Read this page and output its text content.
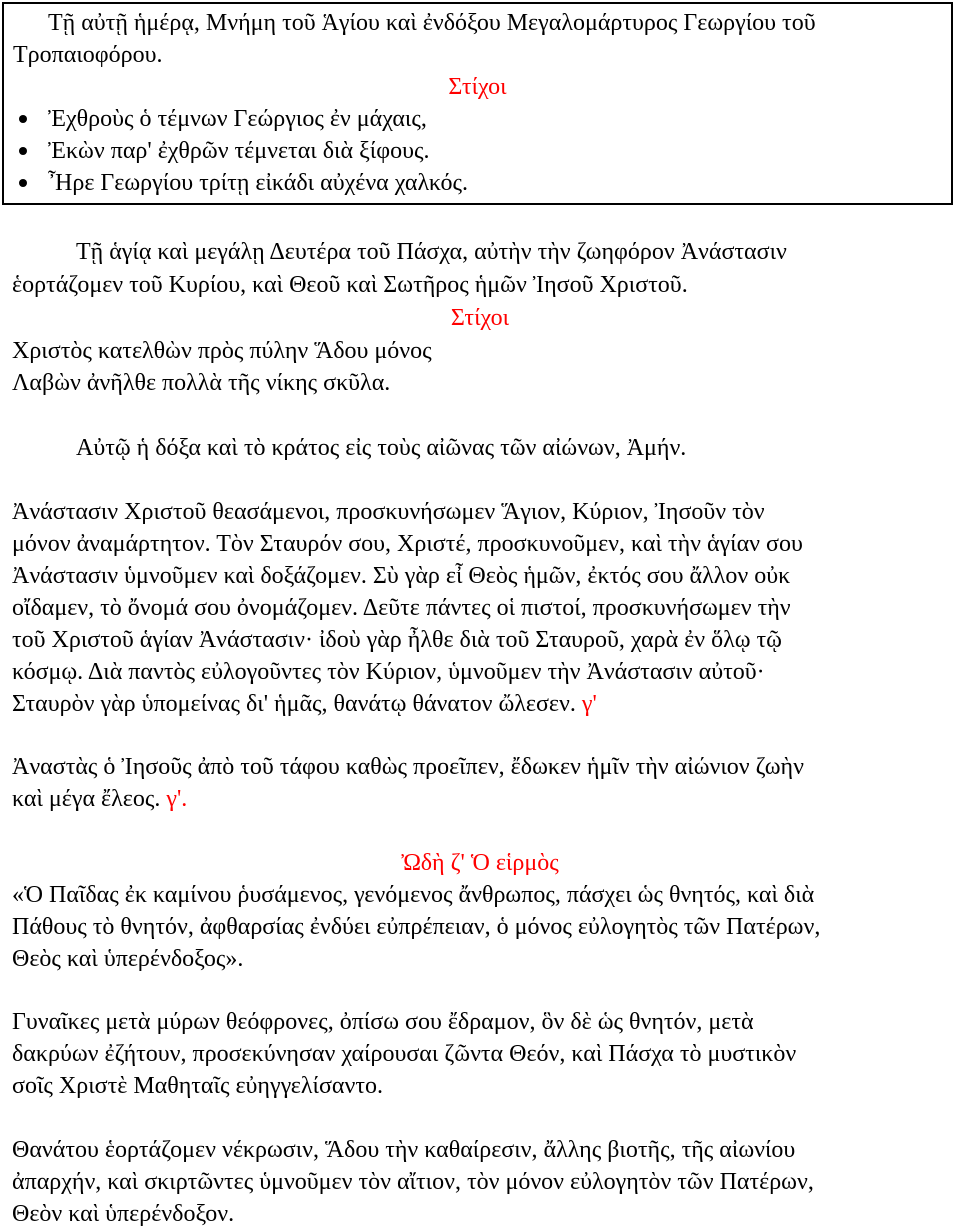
Τῇ αὐτῇ ἡμέρᾳ, Μνήμη τοῦ Ἁγίου καὶ ἐνδόξου Μεγαλομάρτυρος Γεωργίου τοῦ
Τροπαιοφόρου.
Στίχοι
Ἐχθροὺς ὁ τέμνων Γεώργιος ἐν μάχαις,
Ἐκὼν παρ' ἐχθρῶν τέμνεται διὰ ξίφους.
Ἦρε Γεωργίου τρίτῃ εἰκάδι αὐχένα χαλκός.
Τῇ ἁγίᾳ καὶ μεγάλῃ Δευτέρα τοῦ Πάσχα, αὐτὴν τὴν ζωηφόρον Ἀνάστασιν
ἑορτάζομεν τοῦ Κυρίου, καὶ Θεοῦ καὶ Σωτῆρος ἡμῶν Ἰησοῦ Χριστοῦ.
Στίχοι
Χριστὸς κατελθὼν πρὸς πύλην Ἅδου μόνος
Λαβὼν ἀνῆλθε πολλὰ τῆς νίκης σκῦλα.
Αὐτῷ ἡ δόξα καὶ τὸ κράτος εἰς τοὺς αἰῶνας τῶν αἰώνων, Ἀμήν.
Ἀνάστασιν Χριστοῦ θεασάμενοι, προσκυνήσωμεν Ἅγιον, Κύριον, Ἰησοῦν τὸν
μόνον ἀναμάρτητον. Τὸν Σταυρόν σου, Χριστέ, προσκυνοῦμεν, καὶ τὴν ἁγίαν σου
Ἀνάστασιν ὑμνοῦμεν καὶ δοξάζομεν. Σὺ γὰρ εἶ Θεὸς ἡμῶν, ἐκτός σου ἄλλον οὐκ
οἴδαμεν, τὸ ὄνομά σου ὀνομάζομεν. Δεῦτε πάντες οἱ πιστοί, προσκυνήσωμεν τὴν
τοῦ Χριστοῦ ἁγίαν Ἀνάστασιν· ἰδοὺ γὰρ ἦλθε διὰ τοῦ Σταυροῦ, χαρὰ ἐν ὅλῳ τῷ
κόσμῳ. Διὰ παντὸς εὐλογοῦντες τὸν Κύριον, ὑμνοῦμεν τὴν Ἀνάστασιν αὐτοῦ·
Σταυρὸν γὰρ ὑπομείνας δι' ἡμᾶς, θανάτῳ θάνατον ὤλεσεν. γ'
Ἀναστὰς ὁ Ἰησοῦς ἀπὸ τοῦ τάφου καθὼς προεῖπεν, ἔδωκεν ἡμῖν τὴν αἰώνιον ζωὴν
καὶ μέγα ἔλεος. γ'.
Ὠδὴ ζ' Ὁ εἱρμὸς
«Ὁ Παῖδας ἐκ καμίνου ῥυσάμενος, γενόμενος ἄνθρωπος, πάσχει ὡς θνητός, καὶ διὰ
Πάθους τὸ θνητόν, ἀφθαρσίας ἐνδύει εὐπρέπειαν, ὁ μόνος εὐλογητὸς τῶν Πατέρων,
Θεὸς καὶ ὑπερένδοξος».
Γυναῖκες μετὰ μύρων θεόφρονες, ὀπίσω σου ἔδραμον, ὃν δὲ ὡς θνητόν, μετὰ
δακρύων ἐζήτουν, προσεκύνησαν χαίρουσαι ζῶντα Θεόν, καὶ Πάσχα τὸ μυστικὸν
σοῖς Χριστὲ Μαθηταῖς εὐηγγελίσαντο.
Θανάτου ἑορτάζομεν νέκρωσιν, Ἅδου τὴν καθαίρεσιν, ἄλλης βιοτῆς, τῆς αἰωνίου
ἀπαρχήν, καὶ σκιρτῶντες ὑμνοῦμεν τὸν αἴτιον, τὸν μόνον εὐλογητὸν τῶν Πατέρων,
Θεὸν καὶ ὑπερένδοξον.
